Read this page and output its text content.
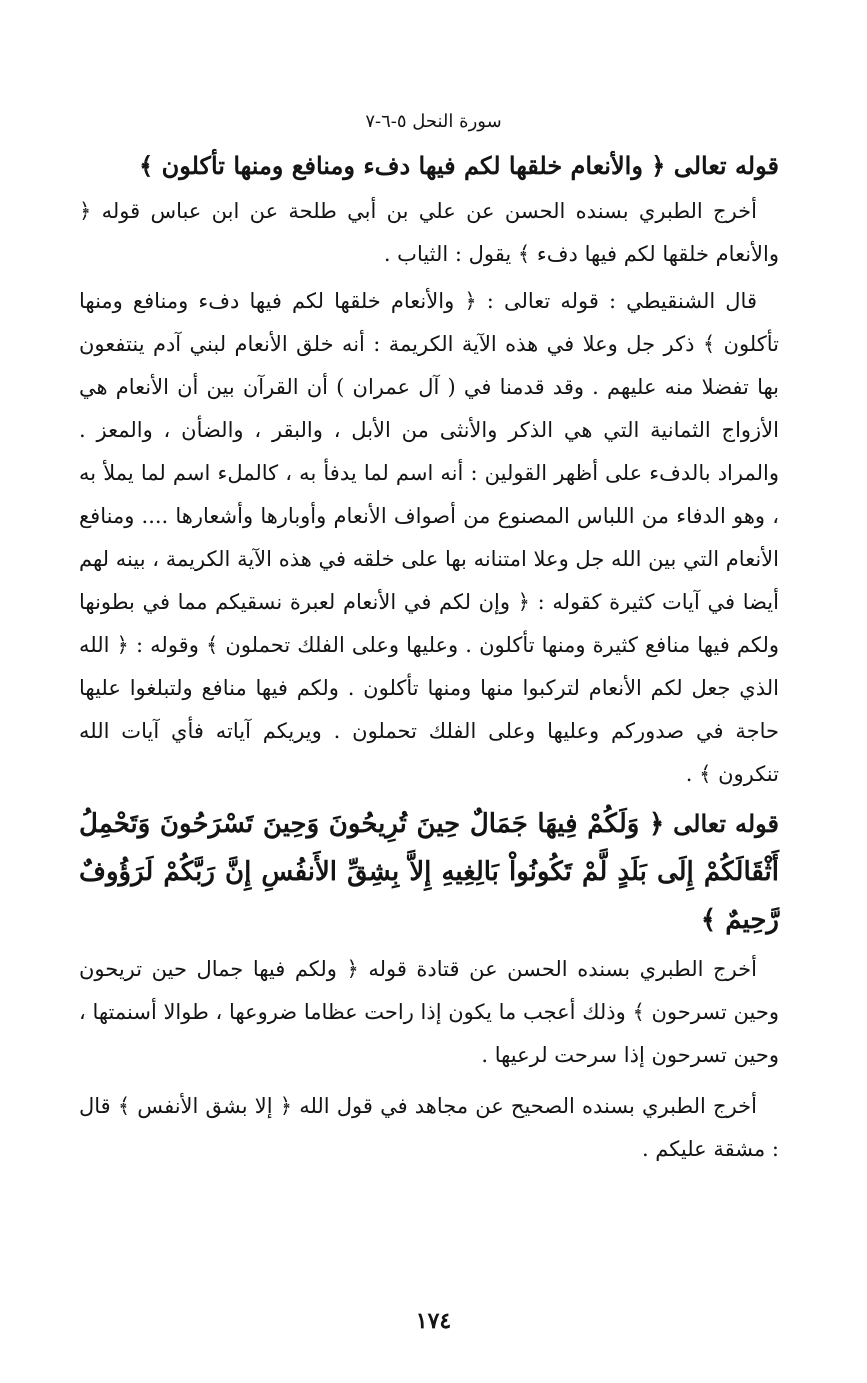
سورة النحل ٥-٦-٧

قوله تعالى ﴿ والأنعام خلقها لكم فيها دفء ومنافع ومنها تأكلون ﴾

أخرج الطبري بسنده الحسن عن علي بن أبي طلحة عن ابن عباس قوله ﴿ والأنعام خلقها لكم فيها دفء ﴾ يقول : الثياب .

قال الشنقيطي : قوله تعالى : ﴿ والأنعام خلقها لكم فيها دفء ومنافع ومنها تأكلون ﴾ ذكر جل وعلا في هذه الآية الكريمة : أنه خلق الأنعام لبني آدم ينتفعون بها تفضلا منه عليهم . وقد قدمنا في ( آل عمران ) أن القرآن بين أن الأنعام هي الأزواج الثمانية التي هي الذكر والأنثى من الأبل ، والبقر ، والضأن ، والمعز . والمراد بالدفء على أظهر القولين : أنه اسم لما يدفأ به ، كالملء اسم لما يملأ به ، وهو الدفاء من اللباس المصنوع من أصواف الأنعام وأوبارها وأشعارها .... ومنافع الأنعام التي بين الله جل وعلا امتنانه بها على خلقه في هذه الآية الكريمة ، بينه لهم أيضا في آيات كثيرة كقوله : ﴿ وإن لكم في الأنعام لعبرة نسقيكم مما في بطونها ولكم فيها منافع كثيرة ومنها تأكلون . وعليها وعلى الفلك تحملون ﴾ وقوله : ﴿ الله الذي جعل لكم الأنعام لتركبوا منها ومنها تأكلون . ولكم فيها منافع ولتبلغوا عليها حاجة في صدوركم وعليها وعلى الفلك تحملون . ويريكم آياته فأي آيات الله تنكرون ﴾ .

قوله تعالى ﴿ وَلَكُمْ فِيهَا جَمَالٌ حِينَ تُرِيحُونَ وَحِينَ تَسْرَحُونَ وَتَحْمِلُ أَثْقَالَكُمْ إِلَى بَلَدٍ لَّمْ تَكُونُواْ بَالِغِيهِ إِلاَّ بِشِقِّ الأَنفُسِ إِنَّ رَبَّكُمْ لَرَؤُوفٌ رَّحِيمٌ ﴾

أخرج الطبري بسنده الحسن عن قتادة قوله ﴿ ولكم فيها جمال حين تريحون وحين تسرحون ﴾ وذلك أعجب ما يكون إذا راحت عظاما ضروعها ، طوالا أسنمتها ، وحين تسرحون إذا سرحت لرعيها .

أخرج الطبري بسنده الصحيح عن مجاهد في قول الله ﴿ إلا بشق الأنفس ﴾ قال : مشقة عليكم .

١٧٤
